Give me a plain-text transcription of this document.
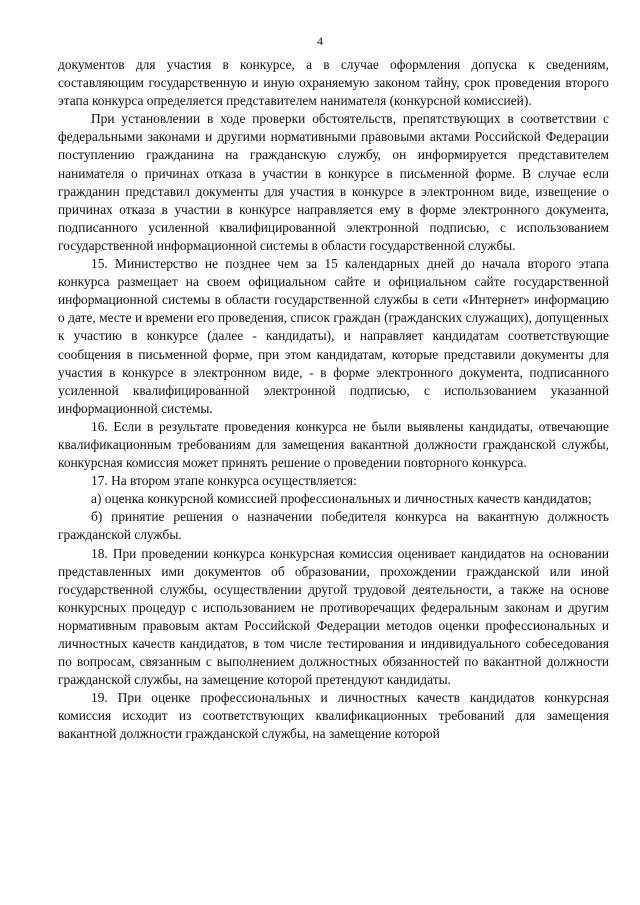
4

документов для участия в конкурсе, а в случае оформления допуска к сведениям, составляющим государственную и иную охраняемую законом тайну, срок проведения второго этапа конкурса определяется представителем нанимателя (конкурсной комиссией).

При установлении в ходе проверки обстоятельств, препятствующих в соответствии с федеральными законами и другими нормативными правовыми актами Российской Федерации поступлению гражданина на гражданскую службу, он информируется представителем нанимателя о причинах отказа в участии в конкурсе в письменной форме. В случае если гражданин представил документы для участия в конкурсе в электронном виде, извещение о причинах отказа в участии в конкурсе направляется ему в форме электронного документа, подписанного усиленной квалифицированной электронной подписью, с использованием государственной информационной системы в области государственной службы.

15. Министерство не позднее чем за 15 календарных дней до начала второго этапа конкурса размещает на своем официальном сайте и официальном сайте государственной информационной системы в области государственной службы в сети «Интернет» информацию о дате, месте и времени его проведения, список граждан (гражданских служащих), допущенных к участию в конкурсе (далее - кандидаты), и направляет кандидатам соответствующие сообщения в письменной форме, при этом кандидатам, которые представили документы для участия в конкурсе в электронном виде, - в форме электронного документа, подписанного усиленной квалифицированной электронной подписью, с использованием указанной информационной системы.

16. Если в результате проведения конкурса не были выявлены кандидаты, отвечающие квалификационным требованиям для замещения вакантной должности гражданской службы, конкурсная комиссия может принять решение о проведении повторного конкурса.

17. На втором этапе конкурса осуществляется:

а) оценка конкурсной комиссией профессиональных и личностных качеств кандидатов;

б) принятие решения о назначении победителя конкурса на вакантную должность гражданской службы.

18. При проведении конкурса конкурсная комиссия оценивает кандидатов на основании представленных ими документов об образовании, прохождении гражданской или иной государственной службы, осуществлении другой трудовой деятельности, а также на основе конкурсных процедур с использованием не противоречащих федеральным законам и другим нормативным правовым актам Российской Федерации методов оценки профессиональных и личностных качеств кандидатов, в том числе тестирования и индивидуального собеседования по вопросам, связанным с выполнением должностных обязанностей по вакантной должности гражданской службы, на замещение которой претендуют кандидаты.

19. При оценке профессиональных и личностных качеств кандидатов конкурсная комиссия исходит из соответствующих квалификационных требований для замещения вакантной должности гражданской службы, на замещение которой
